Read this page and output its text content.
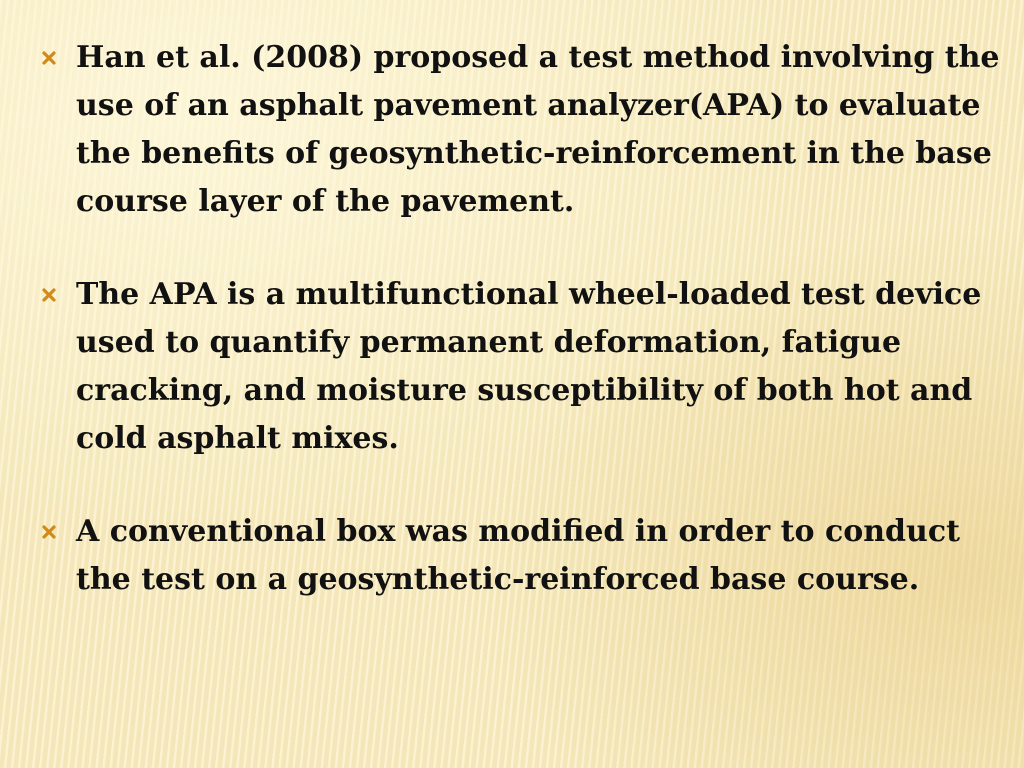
Han et al. (2008) proposed a test method involving the use of an asphalt pavement analyzer(APA) to evaluate the benefits of geosynthetic-reinforcement in the base course layer of the pavement.
The APA is a multifunctional wheel-loaded test device used to quantify permanent deformation, fatigue cracking, and moisture susceptibility of both hot and cold asphalt mixes.
A conventional box was modified in order to conduct the test on a geosynthetic-reinforced base course.
